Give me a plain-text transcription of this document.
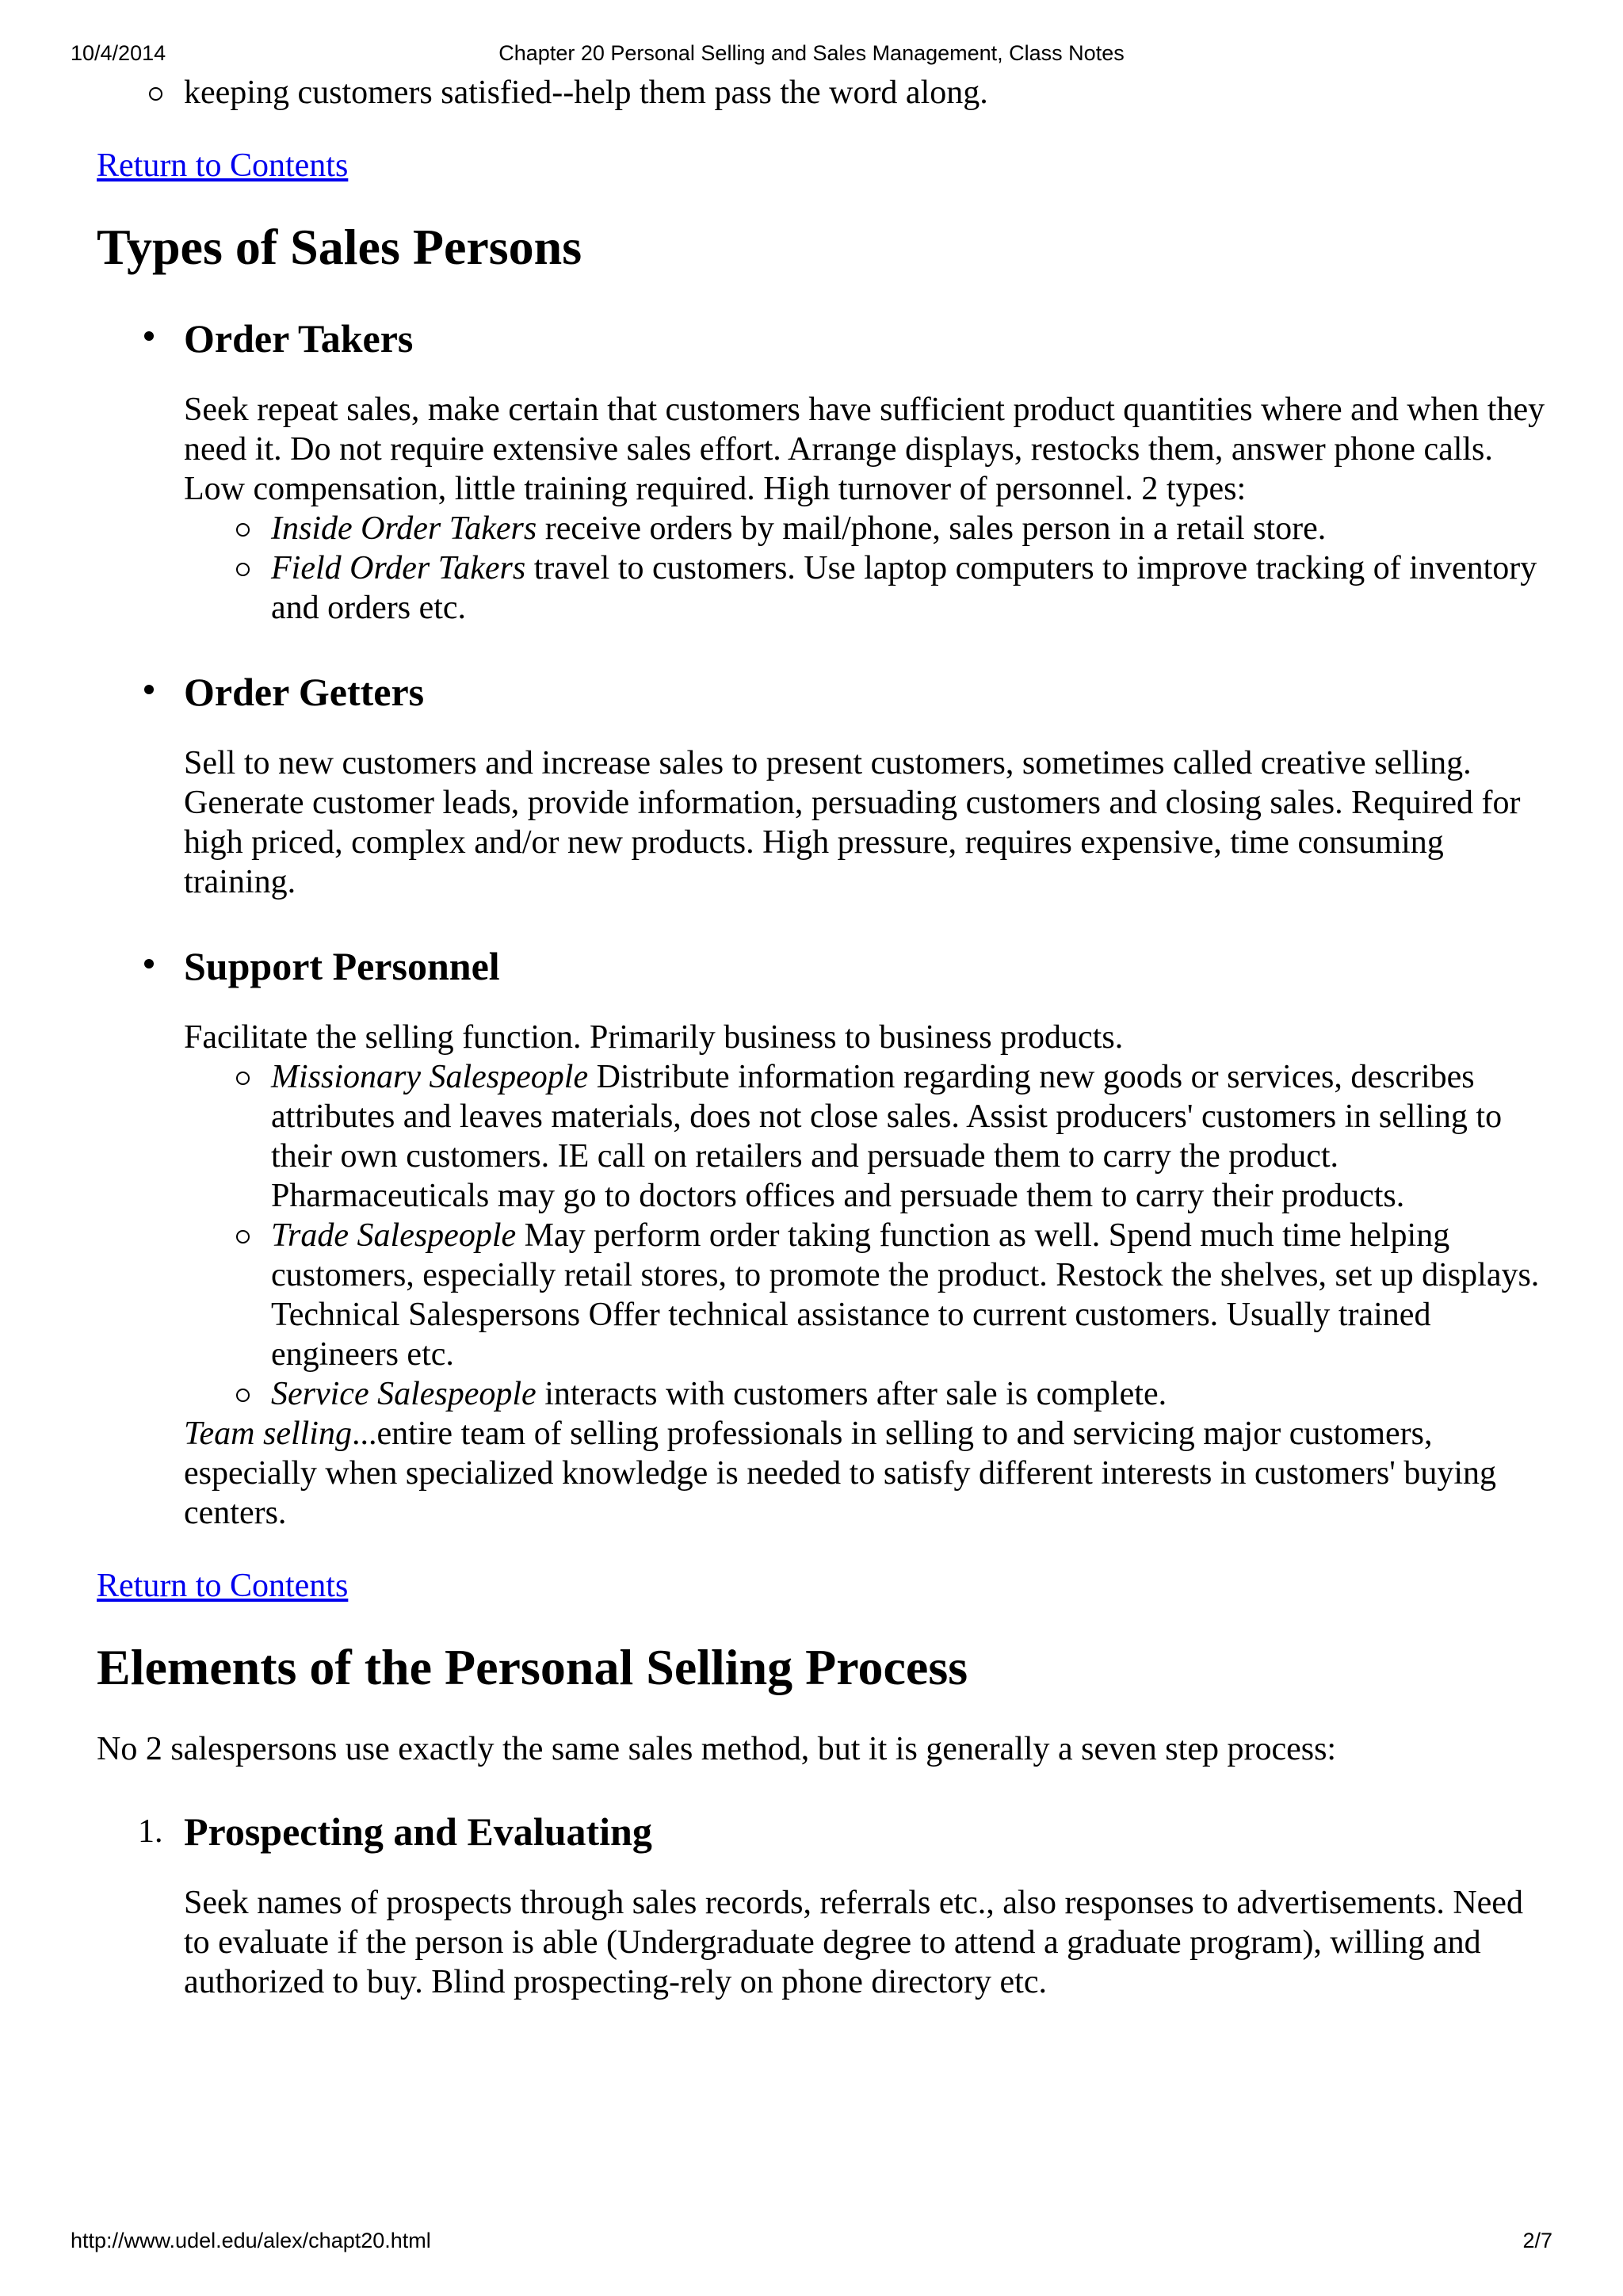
10/4/2014	Chapter 20 Personal Selling and Sales Management, Class Notes
keeping customers satisfied--help them pass the word along.
Return to Contents
Types of Sales Persons
Order Takers

Seek repeat sales, make certain that customers have sufficient product quantities where and when they need it. Do not require extensive sales effort. Arrange displays, restocks them, answer phone calls. Low compensation, little training required. High turnover of personnel. 2 types:

Inside Order Takers receive orders by mail/phone, sales person in a retail store.
Field Order Takers travel to customers. Use laptop computers to improve tracking of inventory and orders etc.
Order Getters

Sell to new customers and increase sales to present customers, sometimes called creative selling.

Generate customer leads, provide information, persuading customers and closing sales. Required for high priced, complex and/or new products. High pressure, requires expensive, time consuming training.

Support Personnel

Facilitate the selling function. Primarily business to business products.

Missionary Salespeople Distribute information regarding new goods or services, describes attributes and leaves materials, does not close sales. Assist producers' customers in selling to their own customers. IE call on retailers and persuade them to carry the product. Pharmaceuticals may go to doctors offices and persuade them to carry their products.
Trade Salespeople May perform order taking function as well. Spend much time helping customers, especially retail stores, to promote the product. Restock the shelves, set up displays. Technical Salespersons Offer technical assistance to current customers. Usually trained engineers etc.
Service Salespeople interacts with customers after sale is complete.

Team selling...entire team of selling professionals in selling to and servicing major customers, especially when specialized knowledge is needed to satisfy different interests in customers' buying centers.

Return to Contents
Elements of the Personal Selling Process

No 2 salespersons use exactly the same sales method, but it is generally a seven step process:

1. Prospecting and Evaluating

Seek names of prospects through sales records, referrals etc., also responses to advertisements. Need to evaluate if the person is able (Undergraduate degree to attend a graduate program), willing and authorized to buy. Blind prospecting-rely on phone directory etc.

http://www.udel.edu/alex/chapt20.html	2/7
